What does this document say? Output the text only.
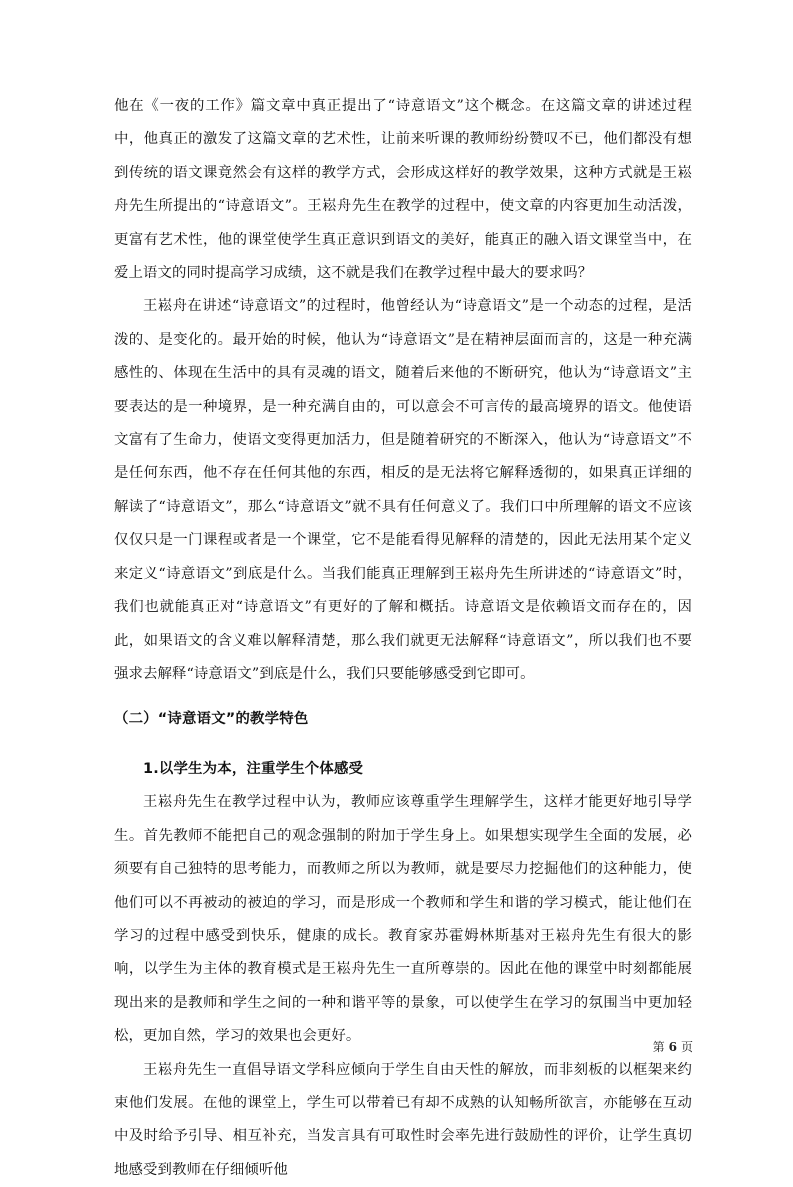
他在《一夜的工作》篇文章中真正提出了“诗意语文”这个概念。在这篇文章的讲述过程中，他真正的激发了这篇文章的艺术性，让前来听课的教师纷纷赞叹不已，他们都没有想到传统的语文课竟然会有这样的教学方式，会形成这样好的教学效果，这种方式就是王崧舟先生所提出的“诗意语文”。王崧舟先生在教学的过程中，使文章的内容更加生动活泼，更富有艺术性，他的课堂使学生真正意识到语文的美好，能真正的融入语文课堂当中，在爱上语文的同时提高学习成绩，这不就是我们在教学过程中最大的要求吗？

王崧舟在讲述“诗意语文”的过程时，他曾经认为“诗意语文”是一个动态的过程，是活泼的、是变化的。最开始的时候，他认为“诗意语文”是在精神层面而言的，这是一种充满感性的、体现在生活中的具有灵魂的语文，随着后来他的不断研究，他认为“诗意语文”主要表达的是一种境界，是一种充满自由的，可以意会不可言传的最高境界的语文。他使语文富有了生命力，使语文变得更加活力，但是随着研究的不断深入，他认为“诗意语文”不是任何东西，他不存在任何其他的东西，相反的是无法将它解释透彻的，如果真正详细的解读了“诗意语文”，那么“诗意语文”就不具有任何意义了。我们口中所理解的语文不应该仅仅只是一门课程或者是一个课堂，它不是能看得见解释的清楚的，因此无法用某个定义来定义“诗意语文”到底是什么。当我们能真正理解到王崧舟先生所讲述的“诗意语文”时，我们也就能真正对“诗意语文”有更好的了解和概括。诗意语文是依赖语文而存在的，因此，如果语文的含义难以解释清楚，那么我们就更无法解释“诗意语文”，所以我们也不要强求去解释“诗意语文”到底是什么，我们只要能够感受到它即可。

（二）“诗意语文”的教学特色
1.以学生为本，注重学生个体感受

王崧舟先生在教学过程中认为，教师应该尊重学生理解学生，这样才能更好地引导学生。首先教师不能把自己的观念强制的附加于学生身上。如果想实现学生全面的发展，必须要有自己独特的思考能力，而教师之所以为教师，就是要尽力挖掘他们的这种能力，使他们可以不再被动的被迫的学习，而是形成一个教师和学生和谐的学习模式，能让他们在学习的过程中感受到快乐，健康的成长。教育家苏霍姆林斯基对王崧舟先生有很大的影响，以学生为主体的教育模式是王崧舟先生一直所尊崇的。因此在他的课堂中时刻都能展现出来的是教师和学生之间的一种和谐平等的景象，可以使学生在学习的氛围当中更加轻松，更加自然，学习的效果也会更好。

王崧舟先生一直倡导语文学科应倾向于学生自由天性的解放，而非刻板的以框架来约束他们发展。在他的课堂上，学生可以带着已有却不成熟的认知畅所欲言，亦能够在互动中及时给予引导、相互补充，当发言具有可取性时会率先进行鼓励性的评价，让学生真切地感受到教师在仔细倾听他

第 6 页
